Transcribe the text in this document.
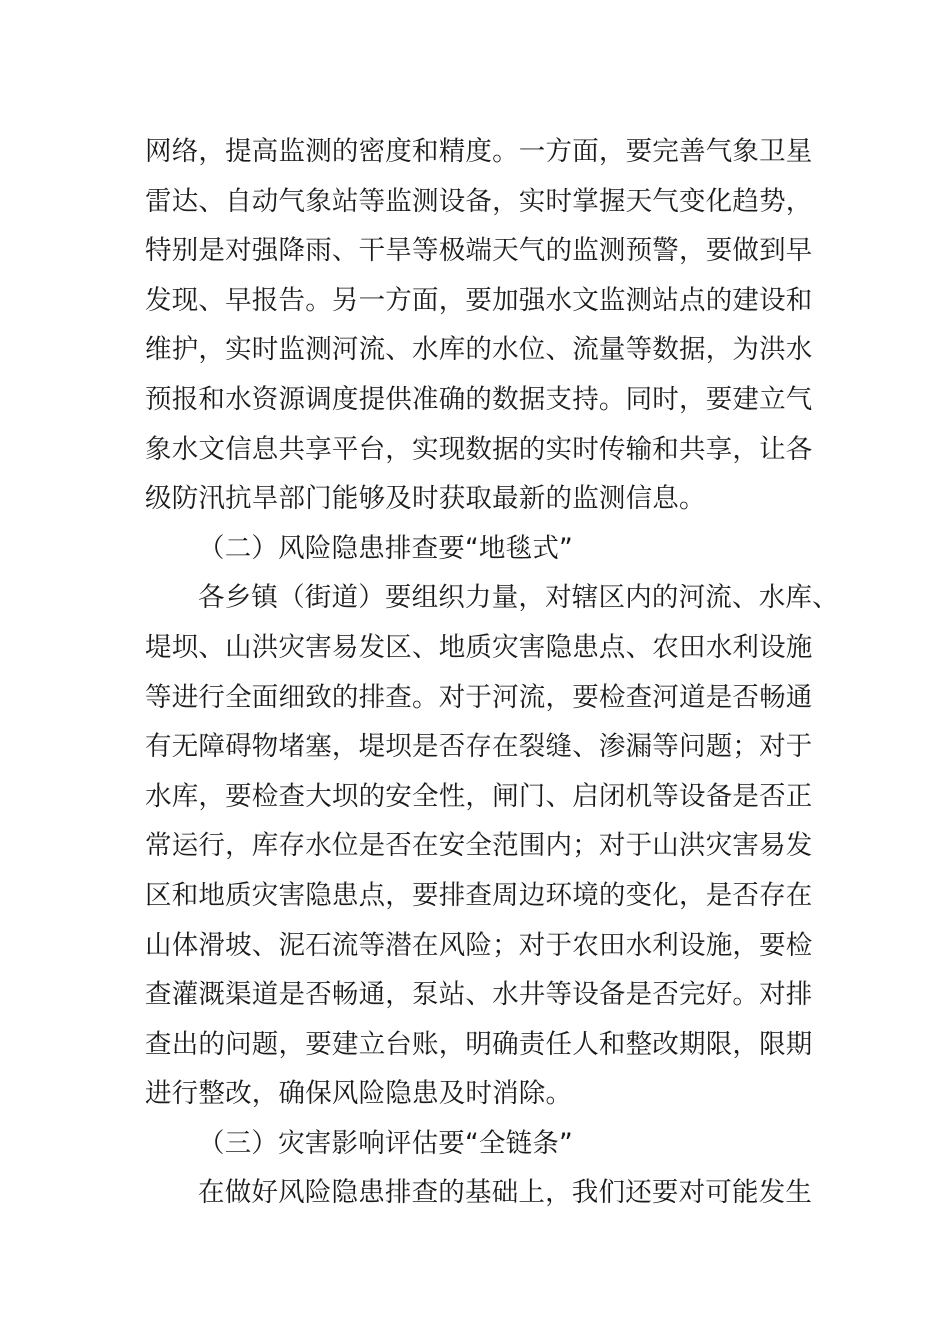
网络，提高监测的密度和精度。一方面，要完善气象卫星
雷达、自动气象站等监测设备，实时掌握天气变化趋势，
特别是对强降雨、干旱等极端天气的监测预警，要做到早
发现、早报告。另一方面，要加强水文监测站点的建设和
维护，实时监测河流、水库的水位、流量等数据，为洪水
预报和水资源调度提供准确的数据支持。同时，要建立气
象水文信息共享平台，实现数据的实时传输和共享，让各
级防汛抗旱部门能够及时获取最新的监测信息。
（二）风险隐患排查要“地毯式”
各乡镇（街道）要组织力量，对辖区内的河流、水库、
堤坝、山洪灾害易发区、地质灾害隐患点、农田水利设施
等进行全面细致的排查。对于河流，要检查河道是否畅通
有无障碍物堵塞，堤坝是否存在裂缝、渗漏等问题；对于
水库，要检查大坝的安全性，闸门、启闭机等设备是否正
常运行，库存水位是否在安全范围内；对于山洪灾害易发
区和地质灾害隐患点，要排查周边环境的变化，是否存在
山体滑坡、泥石流等潜在风险；对于农田水利设施，要检
查灌溉渠道是否畅通，泵站、水井等设备是否完好。对排
查出的问题，要建立台账，明确责任人和整改期限，限期
进行整改，确保风险隐患及时消除。
（三）灾害影响评估要“全链条”
在做好风险隐患排查的基础上，我们还要对可能发生
